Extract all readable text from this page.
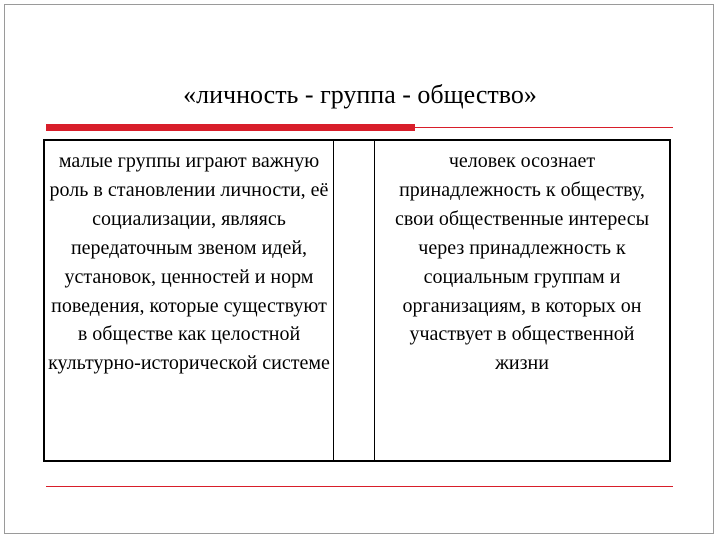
«личность - группа - общество»
малые группы играют важную роль в становлении личности, её социализации, являясь передаточным звеном идей, установок, ценностей и норм поведения, которые существуют в обществе как целостной культурно-исторической системе
человек осознает принадлежность к обществу, свои общественные интересы через принадлежность к социальным группам и организациям, в которых он участвует в общественной жизни
